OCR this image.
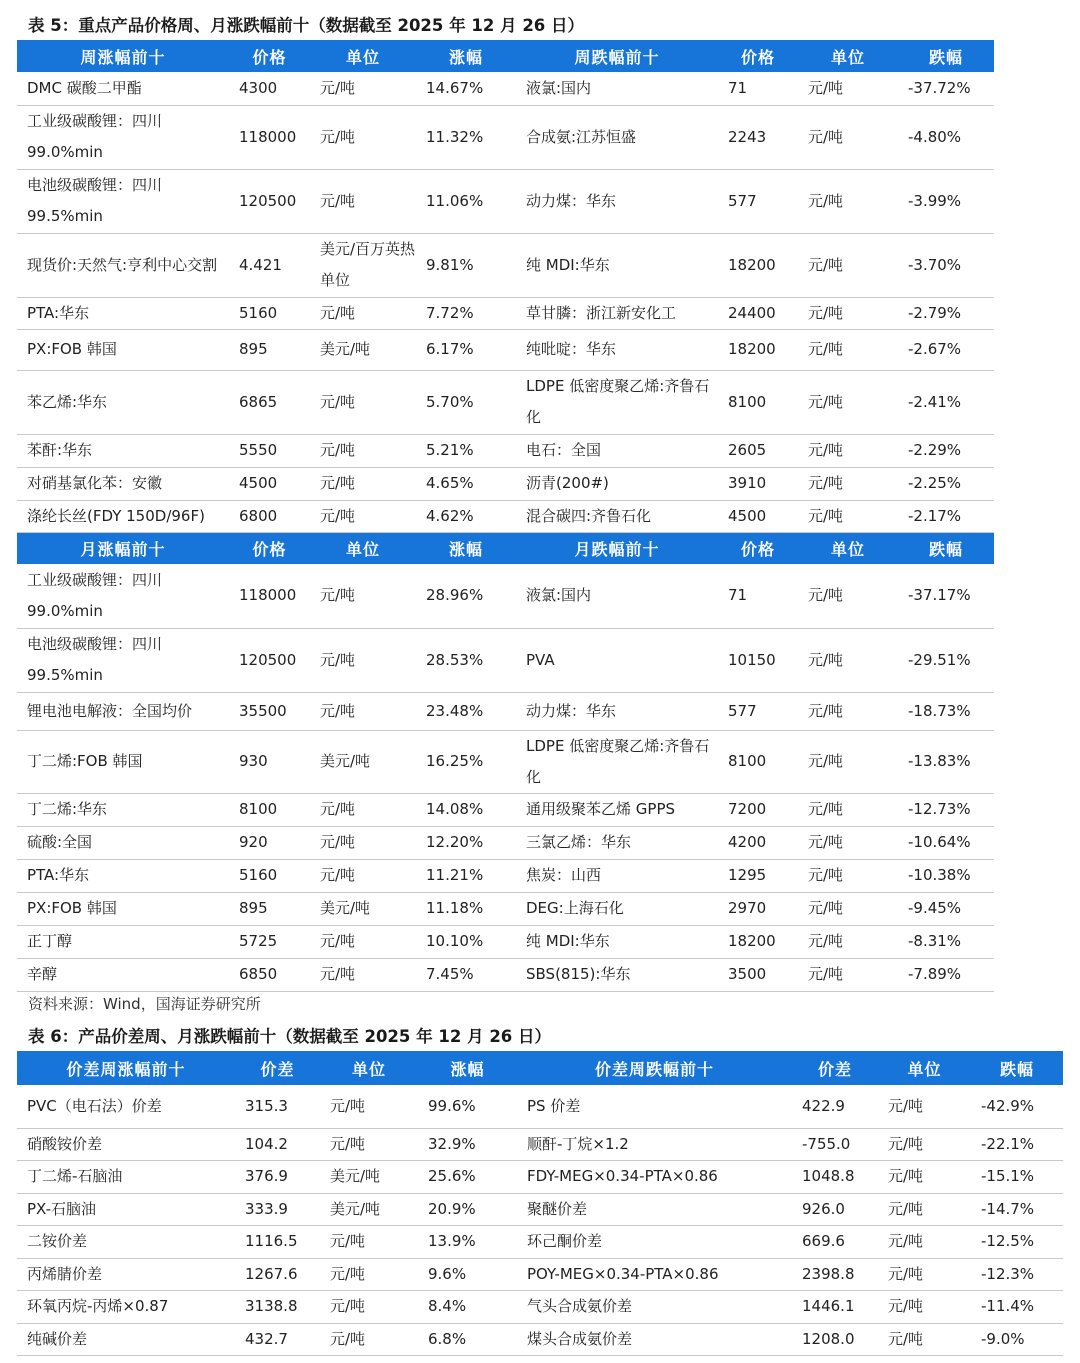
表 5：重点产品价格周、月涨跌幅前十（数据截至 2025 年 12 月 26 日）
周涨幅前十	价格	单位	涨幅	周跌幅前十	价格	单位	跌幅
DMC 碳酸二甲酯	4300	元/吨	14.67%	液氯:国内	71	元/吨	-37.72%
工业级碳酸锂：四川99.0%min	118000	元/吨	11.32%	合成氨:江苏恒盛	2243	元/吨	-4.80%
电池级碳酸锂：四川99.5%min	120500	元/吨	11.06%	动力煤：华东	577	元/吨	-3.99%
现货价:天然气:亨利中心交割	4.421	美元/百万英热单位	9.81%	纯 MDI:华东	18200	元/吨	-3.70%
PTA:华东	5160	元/吨	7.72%	草甘膦：浙江新安化工	24400	元/吨	-2.79%
PX:FOB 韩国	895	美元/吨	6.17%	纯吡啶：华东	18200	元/吨	-2.67%
苯乙烯:华东	6865	元/吨	5.70%	LDPE 低密度聚乙烯:齐鲁石化	8100	元/吨	-2.41%
苯酐:华东	5550	元/吨	5.21%	电石：全国	2605	元/吨	-2.29%
对硝基氯化苯：安徽	4500	元/吨	4.65%	沥青(200#)	3910	元/吨	-2.25%
涤纶长丝(FDY 150D/96F)	6800	元/吨	4.62%	混合碳四:齐鲁石化	4500	元/吨	-2.17%
月涨幅前十	价格	单位	涨幅	月跌幅前十	价格	单位	跌幅
工业级碳酸锂：四川99.0%min	118000	元/吨	28.96%	液氯:国内	71	元/吨	-37.17%
电池级碳酸锂：四川99.5%min	120500	元/吨	28.53%	PVA	10150	元/吨	-29.51%
锂电池电解液：全国均价	35500	元/吨	23.48%	动力煤：华东	577	元/吨	-18.73%
丁二烯:FOB 韩国	930	美元/吨	16.25%	LDPE 低密度聚乙烯:齐鲁石化	8100	元/吨	-13.83%
丁二烯:华东	8100	元/吨	14.08%	通用级聚苯乙烯 GPPS	7200	元/吨	-12.73%
硫酸:全国	920	元/吨	12.20%	三氯乙烯：华东	4200	元/吨	-10.64%
PTA:华东	5160	元/吨	11.21%	焦炭：山西	1295	元/吨	-10.38%
PX:FOB 韩国	895	美元/吨	11.18%	DEG:上海石化	2970	元/吨	-9.45%
正丁醇	5725	元/吨	10.10%	纯 MDI:华东	18200	元/吨	-8.31%
辛醇	6850	元/吨	7.45%	SBS(815):华东	3500	元/吨	-7.89%
资料来源：Wind，国海证券研究所
表 6：产品价差周、月涨跌幅前十（数据截至 2025 年 12 月 26 日）
价差周涨幅前十	价差	单位	涨幅	价差周跌幅前十	价差	单位	跌幅
PVC（电石法）价差	315.3	元/吨	99.6%	PS 价差	422.9	元/吨	-42.9%
硝酸铵价差	104.2	元/吨	32.9%	顺酐-丁烷×1.2	-755.0	元/吨	-22.1%
丁二烯-石脑油	376.9	美元/吨	25.6%	FDY-MEG×0.34-PTA×0.86	1048.8	元/吨	-15.1%
PX-石脑油	333.9	美元/吨	20.9%	聚醚价差	926.0	元/吨	-14.7%
二铵价差	1116.5	元/吨	13.9%	环己酮价差	669.6	元/吨	-12.5%
丙烯腈价差	1267.6	元/吨	9.6%	POY-MEG×0.34-PTA×0.86	2398.8	元/吨	-12.3%
环氧丙烷-丙烯×0.87	3138.8	元/吨	8.4%	气头合成氨价差	1446.1	元/吨	-11.4%
纯碱价差	432.7	元/吨	6.8%	煤头合成氨价差	1208.0	元/吨	-9.0%
